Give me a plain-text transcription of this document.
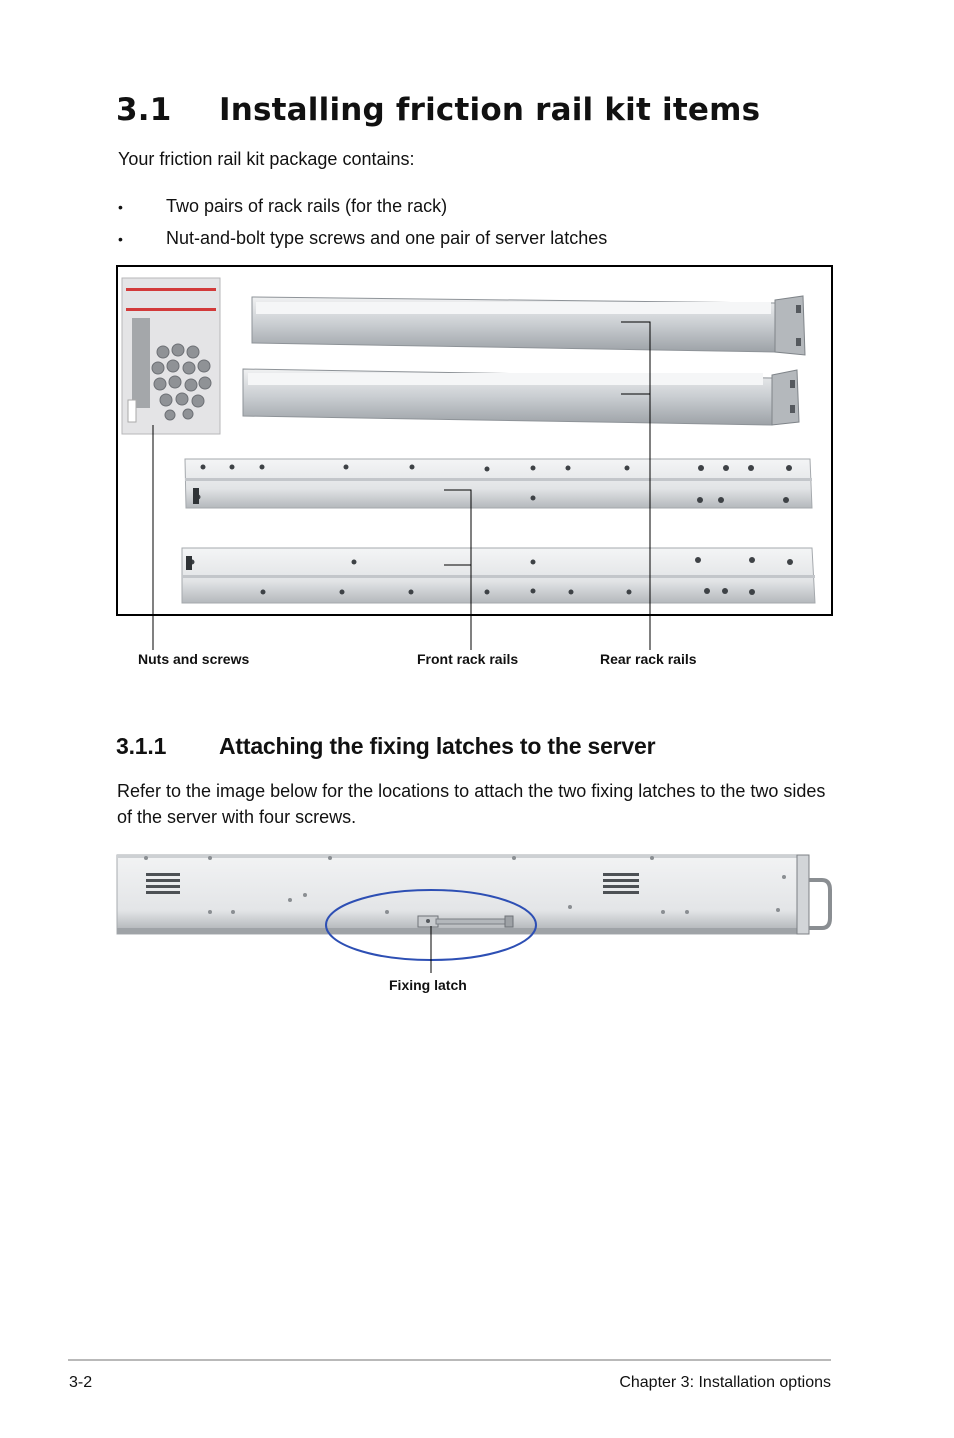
3.1 Installing friction rail kit items
Your friction rail kit package contains:
• Two pairs of rack rails (for the rack)
• Nut-and-bolt type screws and one pair of server latches
Nuts and screws	Front rack rails	Rear rack rails
3.1.1 Attaching the fixing latches to the server
Refer to the image below for the locations to attach the two fixing latches to the two sides of the server with four screws.
Fixing latch
3-2	Chapter 3: Installation options
